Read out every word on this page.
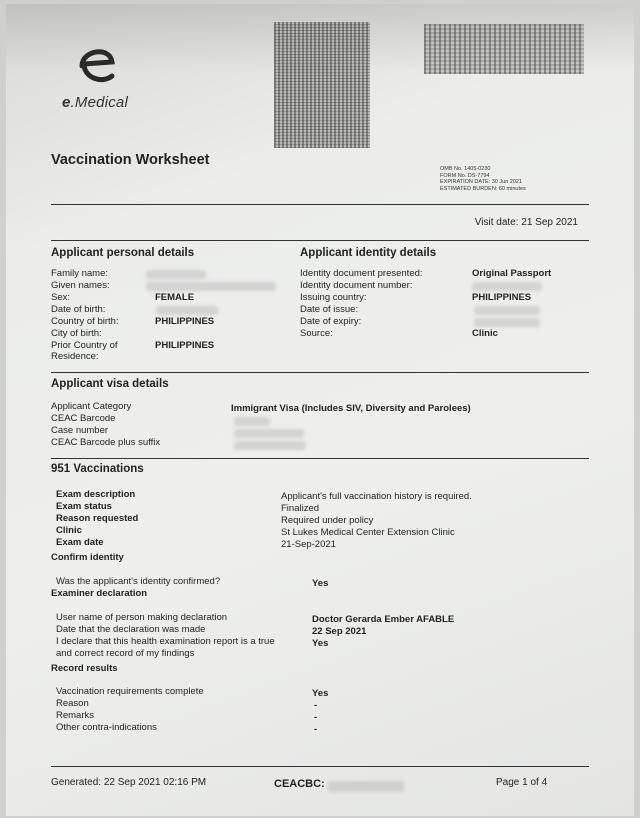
e.Medical
Vaccination Worksheet
OMB No. 1405-0230
FORM No. DS-7794
EXPIRATION DATE: 30 Jun 2021
ESTIMATED BURDEN: 60 minutes
Visit date: 21 Sep 2021
Applicant personal details
Family name:
Given names:
Sex:	FEMALE
Date of birth:
Country of birth:	PHILIPPINES
City of birth:
Prior Country of
Residence:
PHILIPPINES
Applicant identity details
Identity document presented:	Original Passport
Identity document number:
Issuing country:	PHILIPPINES
Date of issue:
Date of expiry:
Source:	Clinic
Applicant visa details
Applicant Category	Immigrant Visa (Includes SIV, Diversity and Parolees)
CEAC Barcode
Case number
CEAC Barcode plus suffix
951 Vaccinations
Exam description	Applicant's full vaccination history is required.
Exam status	Finalized
Reason requested	Required under policy
Clinic	St Lukes Medical Center Extension Clinic
Exam date	21-Sep-2021
Confirm identity
Was the applicant's identity confirmed?	Yes
Examiner declaration
User name of person making declaration	Doctor Gerarda Ember AFABLE
Date that the declaration was made	22 Sep 2021
I declare that this health examination report is a true	Yes
and correct record of my findings
Record results
Vaccination requirements complete	Yes
Reason	-
Remarks	-
Other contra-indications	-
Generated: 22 Sep 2021 02:16 PM	CEACBC:	Page 1 of 4
